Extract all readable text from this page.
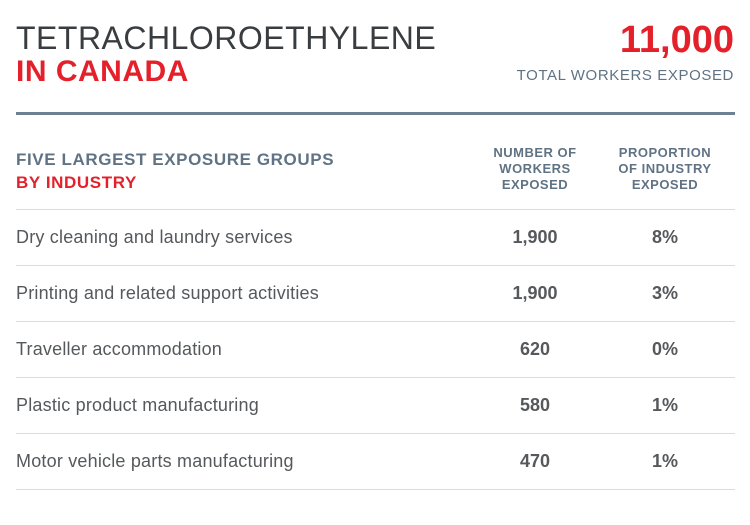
TETRACHLOROETHYLENE
IN CANADA
11,000
TOTAL WORKERS EXPOSED
FIVE LARGEST EXPOSURE GROUPS
BY INDUSTRY
NUMBER OF
WORKERS
EXPOSED
PROPORTION
OF INDUSTRY
EXPOSED
Dry cleaning and laundry services	1,900	8%
Printing and related support activities	1,900	3%
Traveller accommodation	620	0%
Plastic product manufacturing	580	1%
Motor vehicle parts manufacturing	470	1%
